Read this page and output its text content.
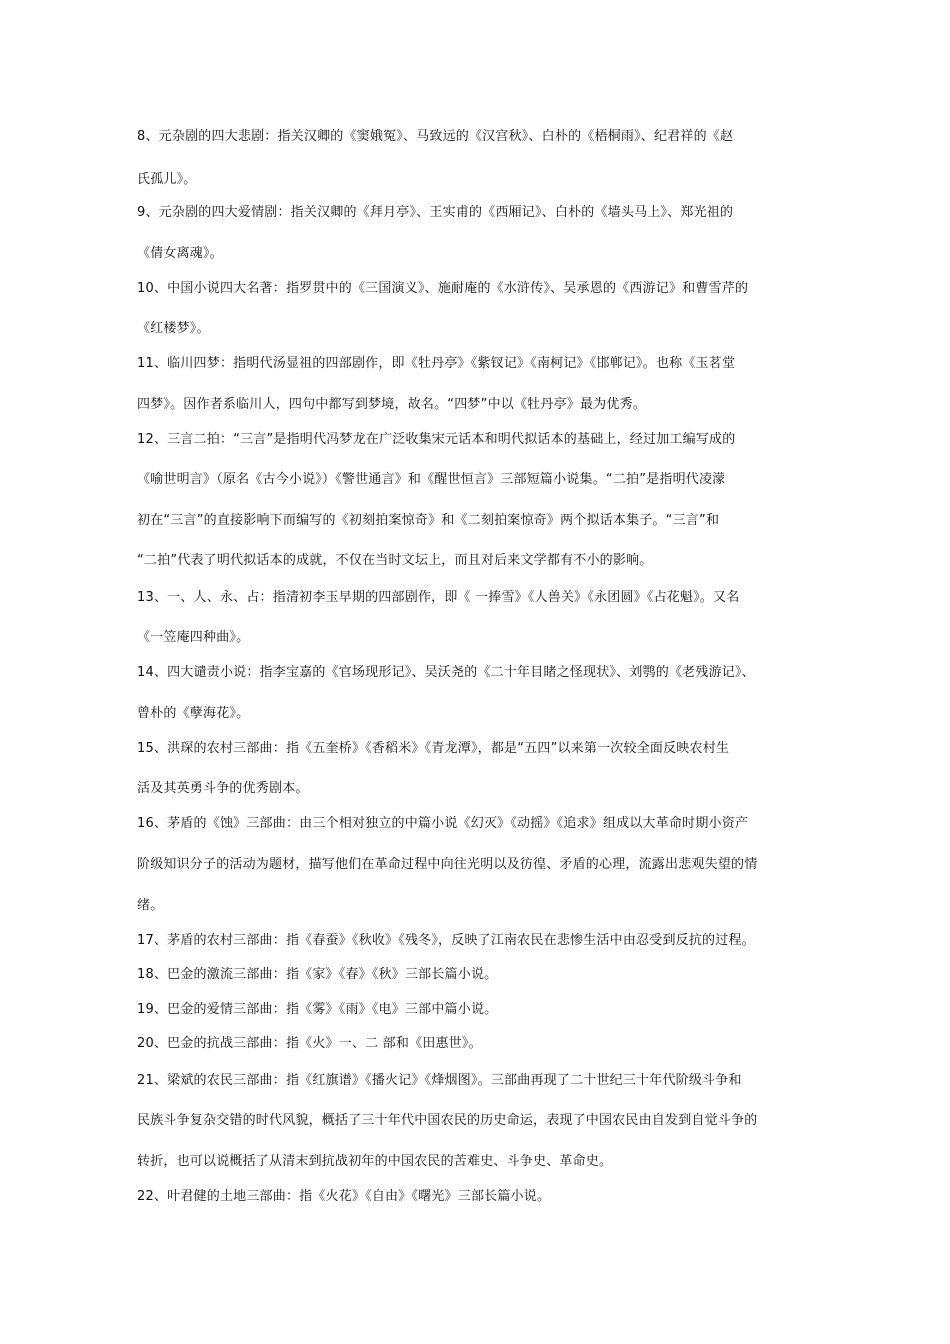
8、元杂剧的四大悲剧：指关汉卿的《窦娥冤》、马致远的《汉宫秋》、白朴的《梧桐雨》、纪君祥的《赵
氏孤儿》。
9、元杂剧的四大爱情剧：指关汉卿的《拜月亭》、王实甫的《西厢记》、白朴的《墙头马上》、郑光祖的
《倩女离魂》。
10、中国小说四大名著：指罗贯中的《三国演义》、施耐庵的《水浒传》、吴承恩的《西游记》和曹雪芹的
《红楼梦》。
11、临川四梦：指明代汤显祖的四部剧作，即《牡丹亭》《紫钗记》《南柯记》《邯郸记》。也称《玉茗堂
四梦》。因作者系临川人，四句中都写到梦境，故名。“四梦”中以《牡丹亭》最为优秀。
12、三言二拍：“三言”是指明代冯梦龙在广泛收集宋元话本和明代拟话本的基础上，经过加工编写成的
《喻世明言》（原名《古今小说》）《警世通言》和《醒世恒言》三部短篇小说集。“二拍”是指明代凌濛
初在“三言”的直接影响下而编写的《初刻拍案惊奇》和《二刻拍案惊奇》两个拟话本集子。“三言”和
“二拍”代表了明代拟话本的成就，不仅在当时文坛上，而且对后来文学都有不小的影响。
13、一、人、永、占：指清初李玉早期的四部剧作，即《 一捧雪》《人兽关》《永团圆》《占花魁》。又名
《一笠庵四种曲》。
14、四大谴责小说：指李宝嘉的《官场现形记》、吴沃尧的《二十年目睹之怪现状》、刘鹗的《老残游记》、
曾朴的《孽海花》。
15、洪琛的农村三部曲：指《五奎桥》《香稻米》《青龙潭》，都是“五四”以来第一次较全面反映农村生
活及其英勇斗争的优秀剧本。
16、茅盾的《蚀》三部曲：由三个相对独立的中篇小说《幻灭》《动摇》《追求》组成以大革命时期小资产
阶级知识分子的活动为题材，描写他们在革命过程中向往光明以及彷徨、矛盾的心理，流露出悲观失望的情
绪。
17、茅盾的农村三部曲：指《春蚕》《秋收》《残冬》，反映了江南农民在悲惨生活中由忍受到反抗的过程。
18、巴金的激流三部曲：指《家》《春》《秋》三部长篇小说。
19、巴金的爱情三部曲：指《雾》《雨》《电》三部中篇小说。
20、巴金的抗战三部曲：指《火》一、二 部和《田惠世》。
21、梁斌的农民三部曲：指《红旗谱》《播火记》《烽烟图》。三部曲再现了二十世纪三十年代阶级斗争和
民族斗争复杂交错的时代风貌，概括了三十年代中国农民的历史命运，表现了中国农民由自发到自觉斗争的
转折，也可以说概括了从清末到抗战初年的中国农民的苦难史、斗争史、革命史。
22、叶君健的土地三部曲：指《火花》《自由》《曙光》三部长篇小说。
